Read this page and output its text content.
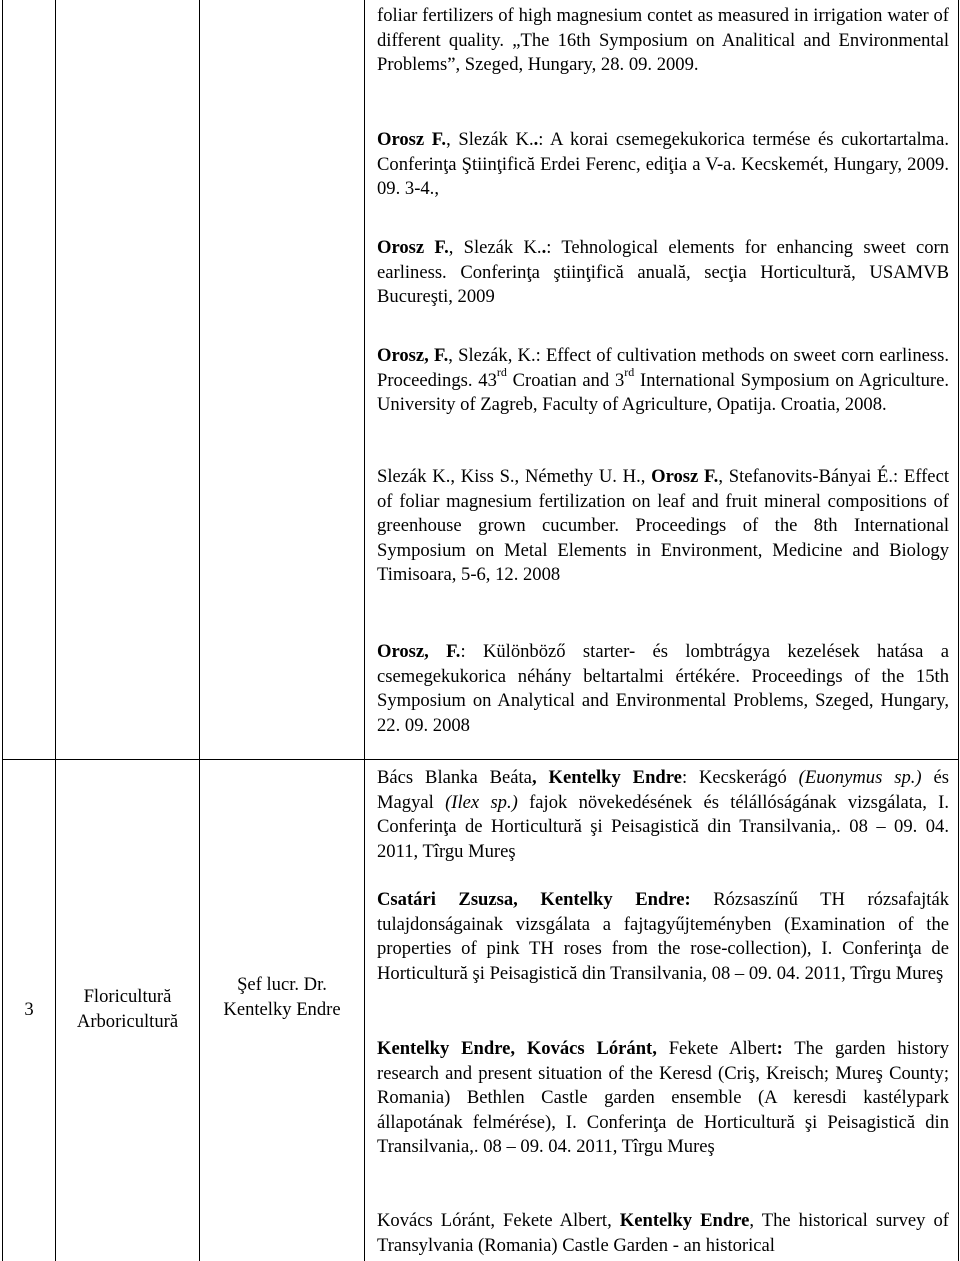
3
Floricultură
Arboricultură
Şef lucr. Dr.
Kentelky Endre
foliar fertilizers of high magnesium contet as measured in irrigation water of different quality. „The 16th Symposium on Analitical and Environmental Problems”, Szeged, Hungary, 28. 09. 2009.
Orosz F., Slezák K..: A korai csemegekukorica termése és cukortartalma. Conferinţa Ştiinţifică Erdei Ferenc, ediţia a V-a. Kecskemét, Hungary, 2009. 09. 3-4.,
Orosz F., Slezák K..: Tehnological elements for enhancing sweet corn earliness. Conferinţa ştiinţifică anuală, secţia Horticultură, USAMVB Bucureşti, 2009
Orosz, F., Slezák, K.: Effect of cultivation methods on sweet corn earliness. Proceedings. 43rd Croatian and 3rd International Symposium on Agriculture. University of Zagreb, Faculty of Agriculture, Opatija. Croatia, 2008.
Slezák K., Kiss S., Némethy U. H., Orosz F., Stefanovits-Bányai É.: Effect of foliar magnesium fertilization on leaf and fruit mineral compositions of greenhouse grown cucumber. Proceedings of the 8th International Symposium on Metal Elements in Environment, Medicine and Biology Timisoara, 5-6, 12. 2008
Orosz, F.: Különböző starter- és lombtrágya kezelések hatása a csemegekukorica néhány beltartalmi értékére. Proceedings of the 15th Symposium on Analytical and Environmental Problems, Szeged, Hungary, 22. 09. 2008
Bács Blanka Beáta, Kentelky Endre: Kecskerágó (Euonymus sp.) és Magyal (Ilex sp.) fajok növekedésének és télállóságának vizsgálata, I. Conferinţa de Horticultură şi Peisagistică din Transilvania,. 08 – 09. 04. 2011, Tîrgu Mureş
Csatári Zsuzsa, Kentelky Endre: Rózsaszínű TH rózsafajták tulajdonságainak vizsgálata a fajtagyűjteményben (Examination of the properties of pink TH roses from the rose-collection), I. Conferinţa de Horticultură şi Peisagistică din Transilvania, 08 – 09. 04. 2011, Tîrgu Mureş
Kentelky Endre, Kovács Lóránt, Fekete Albert: The garden history research and present situation of the Keresd (Criş, Kreisch; Mureş County; Romania) Bethlen Castle garden ensemble (A keresdi kastélypark állapotának felmérése), I. Conferinţa de Horticultură şi Peisagistică din Transilvania,. 08 – 09. 04. 2011, Tîrgu Mureş
Kovács Lóránt, Fekete Albert, Kentelky Endre, The historical survey of Transylvania (Romania) Castle Garden - an historical
